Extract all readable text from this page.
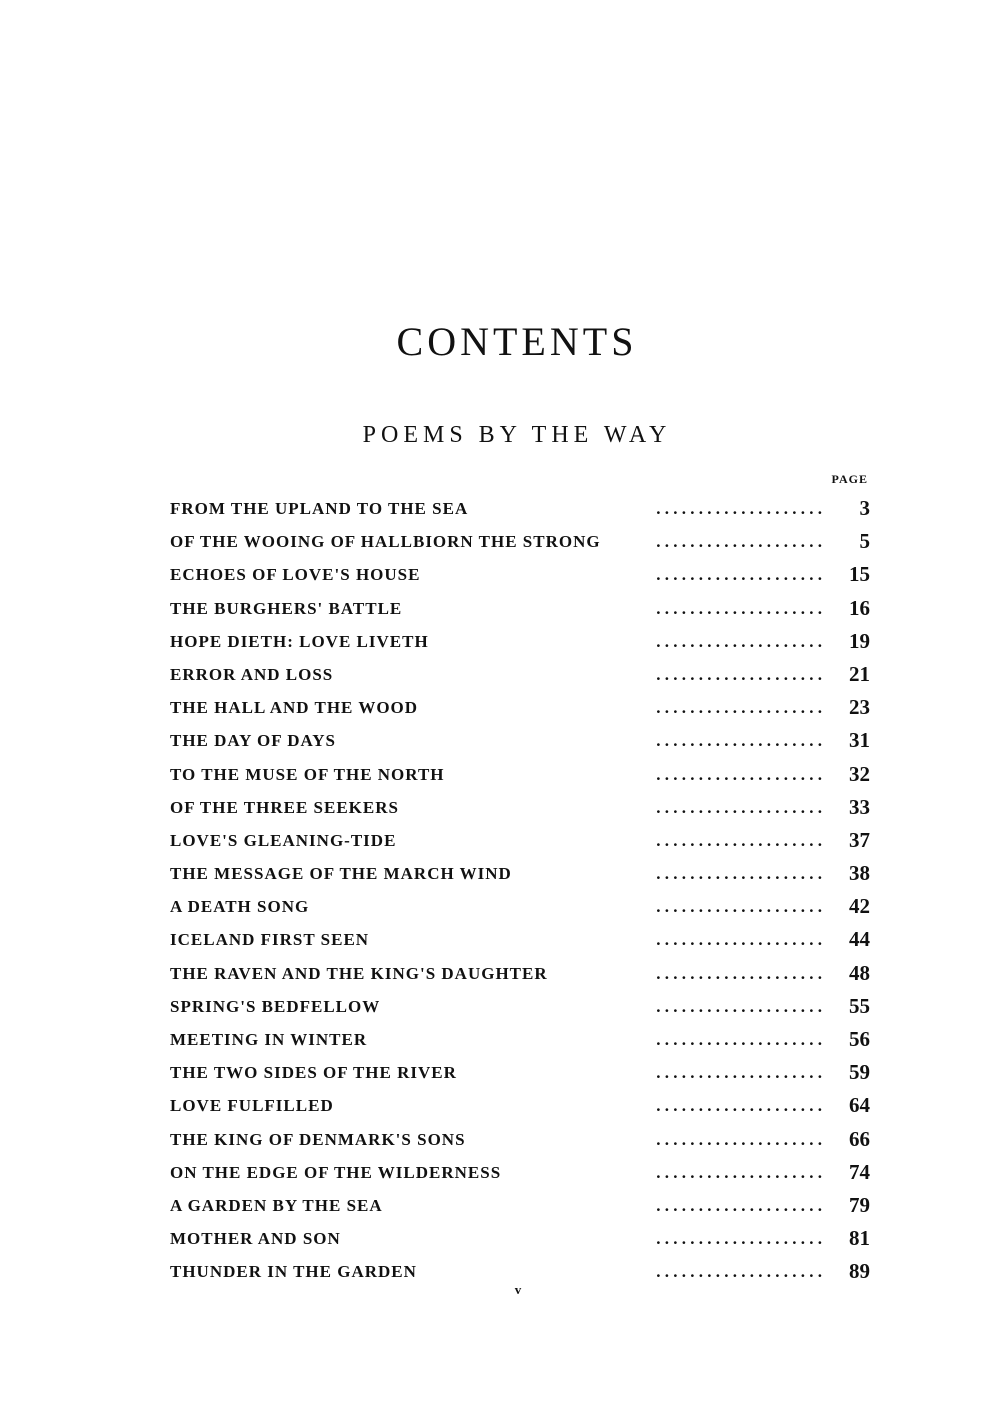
CONTENTS
POEMS BY THE WAY
PAGE
. . . . . . . . . . . . . . . . . . . .
FROM THE UPLAND TO THE SEA	3
. . . . . . . . . . . . . . . . . . . .
OF THE WOOING OF HALLBIORN THE STRONG	5
. . . . . . . . . . . . . . . . . . . .
ECHOES OF LOVE'S HOUSE	15
. . . . . . . . . . . . . . . . . . . .
THE BURGHERS' BATTLE	16
. . . . . . . . . . . . . . . . . . . .
HOPE DIETH: LOVE LIVETH	19
. . . . . . . . . . . . . . . . . . . .
ERROR AND LOSS	21
. . . . . . . . . . . . . . . . . . . .
THE HALL AND THE WOOD	23
. . . . . . . . . . . . . . . . . . . .
THE DAY OF DAYS	31
. . . . . . . . . . . . . . . . . . . .
TO THE MUSE OF THE NORTH	32
. . . . . . . . . . . . . . . . . . . .
OF THE THREE SEEKERS	33
. . . . . . . . . . . . . . . . . . . .
LOVE'S GLEANING-TIDE	37
. . . . . . . . . . . . . . . . . . . .
THE MESSAGE OF THE MARCH WIND	38
. . . . . . . . . . . . . . . . . . . .
A DEATH SONG	42
. . . . . . . . . . . . . . . . . . . .
ICELAND FIRST SEEN	44
. . . . . . . . . . . . . . . . . . . .
THE RAVEN AND THE KING'S DAUGHTER	48
. . . . . . . . . . . . . . . . . . . .
SPRING'S BEDFELLOW	55
. . . . . . . . . . . . . . . . . . . .
MEETING IN WINTER	56
. . . . . . . . . . . . . . . . . . . .
THE TWO SIDES OF THE RIVER	59
. . . . . . . . . . . . . . . . . . . .
LOVE FULFILLED	64
. . . . . . . . . . . . . . . . . . . .
THE KING OF DENMARK'S SONS	66
. . . . . . . . . . . . . . . . . . . .
ON THE EDGE OF THE WILDERNESS	74
. . . . . . . . . . . . . . . . . . . .
A GARDEN BY THE SEA	79
. . . . . . . . . . . . . . . . . . . .
MOTHER AND SON	81
. . . . . . . . . . . . . . . . . . . .
THUNDER IN THE GARDEN	89
v
